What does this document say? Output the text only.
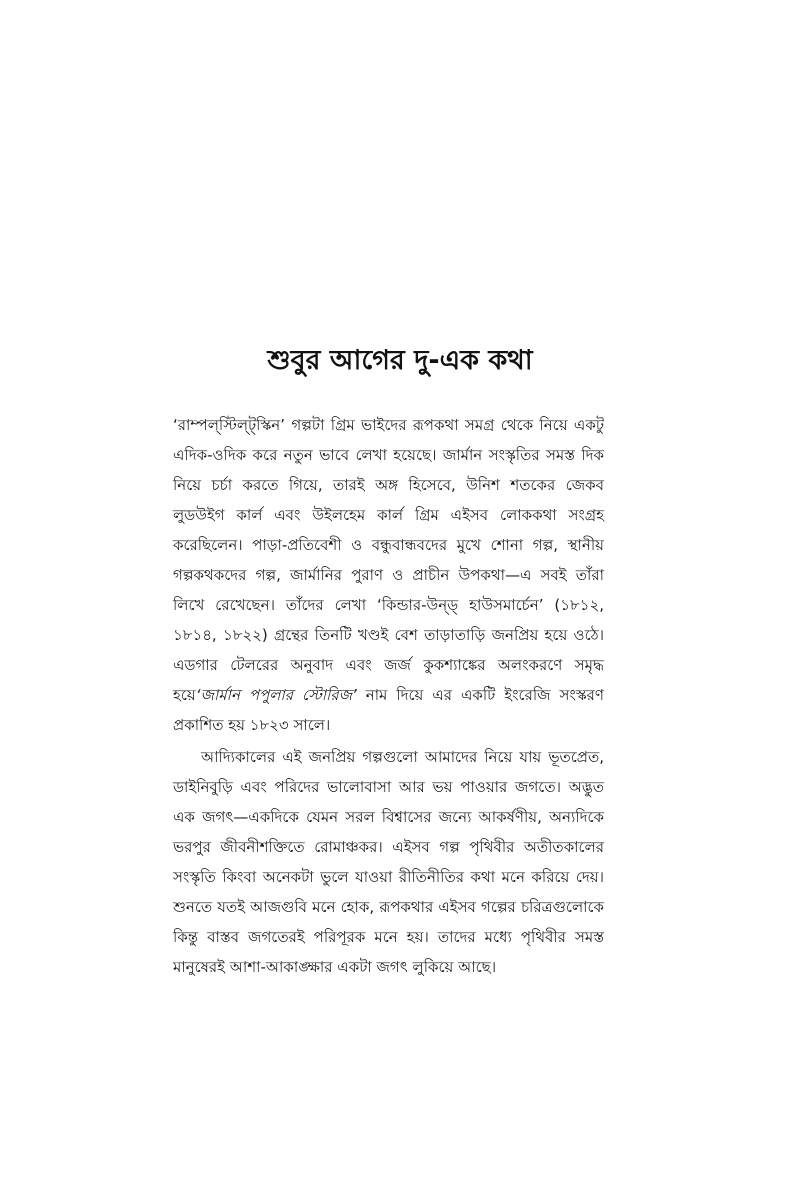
শুবুর আগের দু-এক কথা

‘রাম্পল্‌স্টিল্‌ট্‌স্কিন’ গল্পটা গ্রিম ভাইদের রূপকথা সমগ্র থেকে নিয়ে একটু এদিক-ওদিক করে নতুন ভাবে লেখা হয়েছে। জার্মান সংস্কৃতির সমস্ত দিক নিয়ে চর্চা করতে গিয়ে, তারই অঙ্গ হিসেবে, উনিশ শতকের জেকব লুডউইগ কার্ল এবং উইলহেম কার্ল গ্রিম এইসব লোককথা সংগ্রহ করেছিলেন। পাড়া-প্রতিবেশী ও বন্ধুবান্ধবদের মুখে শোনা গল্প, স্থানীয় গল্পকথকদের গল্প, জার্মানির পুরাণ ও প্রাচীন উপকথা—এ সবই তাঁরা লিখে রেখেছেন। তাঁদের লেখা ‘কিন্ডার-উন্ড্‌ হাউসমার্চেন’ (১৮১২, ১৮১৪, ১৮২২) গ্রন্থের তিনটি খণ্ডই বেশ তাড়াতাড়ি জনপ্রিয় হয়ে ওঠে। এডগার টেলরের অনুবাদ এবং জর্জ কুকশ্যাঙ্কের অলংকরণে সমৃদ্ধ হয়ে‘জার্মান পপুলার স্টোরিজ’ নাম দিয়ে এর একটি ইংরেজি সংস্করণ প্রকাশিত হয় ১৮২৩ সালে।

আদ্যিকালের এই জনপ্রিয় গল্পগুলো আমাদের নিয়ে যায় ভূতপ্রেত, ডাইনিবুড়ি এবং পরিদের ভালোবাসা আর ভয় পাওয়ার জগতে। অদ্ভুত এক জগৎ—একদিকে যেমন সরল বিশ্বাসের জন্যে আকর্ষণীয়, অন্যদিকে ভরপুর জীবনীশক্তিতে রোমাঞ্চকর। এইসব গল্প পৃথিবীর অতীতকালের সংস্কৃতি কিংবা অনেকটা ভুলে যাওয়া রীতিনীতির কথা মনে করিয়ে দেয়। শুনতে যতই আজগুবি মনে হোক, রূপকথার এইসব গল্পের চরিত্রগুলোকে কিন্তু বাস্তব জগতেরই পরিপূরক মনে হয়। তাদের মধ্যে পৃথিবীর সমস্ত মানুষেরই আশা-আকাঙ্ক্ষার একটা জগৎ লুকিয়ে আছে।
